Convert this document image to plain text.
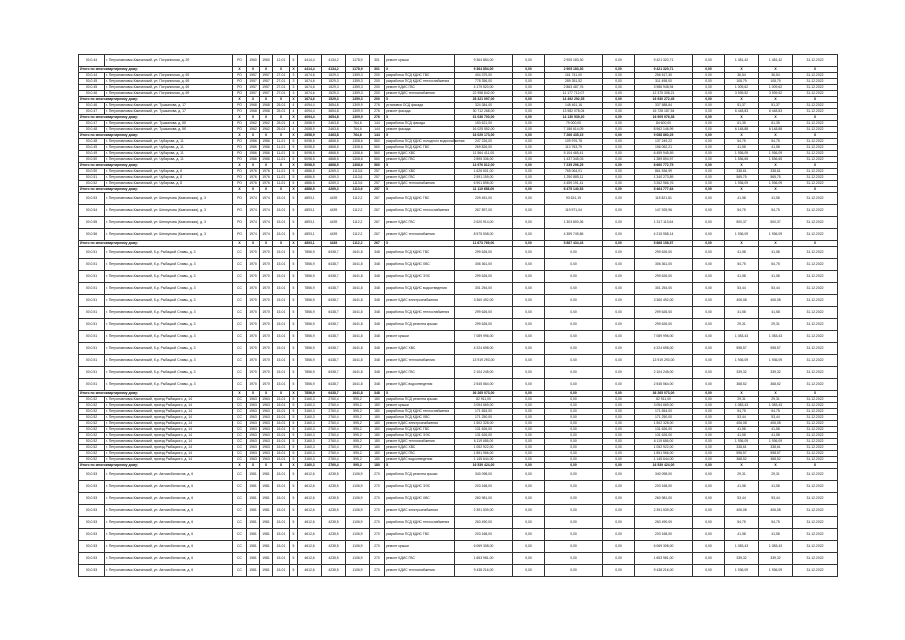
00.0.44	г. Петропавловск-Камчатский, ул. Пограничная, д. 2б	РО	1960	1960	12-01	5	4414,4	4134,2	1178,9	301	ремонт крыши	9 364 854,00	0,00	2 905 183,30	0,00	9 421 320,71	0,00	1 481,42	1 481,42	31.12.2022
Итого по многоквартирному дому:		X	X	X	X	X	4414,4	4134,2	1178,9	301	X	9 364 854,00	0,00	2 905 183,30	0,00	9 421 320,71	0,00	X	X	X
00.0.44	г. Петропавловск-Камчатский, ул. Пограничная, д. 69	РО	1957	1957	27-01	3	1674,6	1529,3	1359,3	200	разработка ПСД КДИС ГВС	404 379,00	0,00	161 741,00	0,00	256 517,30	0,00	36,54	36,54	31.12.2022
00.0.45	г. Петропавловск-Камчатский, ул. Пограничная, д. 69	РО	1957	1957	27-01	3	1674,6	1529,3	1359,3	200	разработка ПСД КДИС теплоснабжения	778 356,00	0,00	289 351,52	0,00	311 498,00	0,00	108,79	108,79	31.12.2022
00.0.45	г. Петропавловск-Камчатский, ул. Пограничная, д. 69	РО	1957	1957	27-01	3	1674,6	1529,3	1359,3	200	ремонт КДИС ГВС	4 179 520,00	0,00	2 863 487,76	0,00	3 986 948,94	0,00	1 009,62	1 009,62	31.12.2022
00.0.46	г. Петропавловск-Камчатский, ул. Пограничная, д. 69	РО	1957	1957	27-01	3	1674,6	1529,3	1359,3	200	ремонт КДИС теплоснабжения	22 958 842,00	0,00	11 177 712,07	0,00	12 375 308,21	0,00	3 939,52	3 939,52	31.12.2022
Итого по многоквартирному дому:		X	X	X	X	X	1674,6	1529,3	1359,3	200	X	28 321 097,00	0,00	14 492 292,35	0,00	16 930 272,45	0,00	X	X	X
00.0.46	г. Петропавловск-Камчатский, ул. Тушканова, д. 17	РО	1968	1968	25-01	4	4094,4	3654,8	1309,9	276	установка ОСД фасада	324 384,00	0,00	148 461,16	0,00	337 588,84	0,00	51,37	51,37	31.12.2022
00.0.47	г. Петропавловск-Камчатский, ул. Тушканова, д. 17	РО	1968	1968	25-01	4	4094,4	3654,8	1309,9	276	ремонт фасада	30 712 268,00	0,00	13 982 078,04	0,00	16 728 187,54	0,00	6 448,83	6 448,83	31.12.2022
Итого по многоквартирному дому:		X	X	X	X	X	4094,4	3654,8	1309,9	276	X	31 036 700,00	0,00	14 130 539,20	0,00	16 905 976,38	0,00	X	X	X
00.0.47	г. Петропавловск-Камчатский, ул. Тушканова, д. 5б	РО	1962	1962	25-01	4	2658,9	2463,8	764,6	144	разработка ПСД фасада	153 621,00	0,00	79 000,00	0,00	84 600,00	0,00	61,35	61,35	31.12.2022
00.0.48	г. Петропавловск-Камчатский, ул. Тушканова, д. 5б	РО	1962	1962	25-01	4	2658,9	2463,8	764,6	144	ремонт фасада	16 025 552,00	0,00	7 186 614,09	0,00	8 962 146,99	0,00	6 148,88	6 148,88	31.12.2022
Итого по многоквартирному дому:		X	X	X	X	X	2658,9	2463,8	764,6	144	X	16 029 173,00	0,00	7 266 435,15	0,00	9 088 860,29	0,00	X	X	X
00.0.48	г. Петропавловск-Камчатский, ул. Чубарова, д. 11	РО	1986	1986	11-01	5	5098,5	4868,5	1308,6	560	разработка ПСД КДИС холодного водоснабжения	247 226,00	0,00	109 976,78	0,00	137 249,22	0,00	54,75	54,75	31.12.2022
00.0.49	г. Петропавловск-Камчатский, ул. Чубарова, д. 11	РО	1986	1986	11-01	5	5098,5	4868,5	1308,6	560	разработка ПСД КДИС ГВС	269 826,00	0,00	113 763,79	0,00	156 062,21	0,00	41,58	41,58	31.12.2022
00.0.49	г. Петропавловск-Камчатский, ул. Чубарова, д. 11	РО	1986	1986	11-01	5	5098,5	4868,5	1308,6	560	ремонт КДИС ХВС	11 564 411,00	0,00	5 104 465,41	0,00	6 459 945,59	0,00	1 936,09	1 936,09	31.12.2022
00.0.50	г. Петропавловск-Камчатский, ул. Чубарова, д. 11	РО	1986	1986	11-01	5	5098,5	4868,5	1308,6	560	ремонт КДИС ГВС	2 895 336,00	0,00	1 437 345,03	0,00	1 389 894,97	0,00	1 536,65	1 536,65	31.12.2022
Итого по многоквартирному дому:		X	X	X	X	X	5098,5	4868,5	1308,6	560	X	14 976 812,00	0,00	7 235 296,25	0,00	8 660 772,75	0,00	X	X	X
00.0.50	г. Петропавловск-Камчатский, ул. Чубарова, д. 8	РО	1976	1976	11-01	5	4886,5	4269,3	1113,6	257	ремонт КДИС ХВС	1 626 601,00	0,00	765 064,01	0,00	861 536,99	0,00	338,61	338,61	31.12.2022
00.0.51	г. Петропавловск-Камчатский, ул. Чубарова, д. 8	РО	1976	1976	11-01	5	4886,5	4269,3	1113,6	257	ремонт КДИС ГВС	2 591 159,00	0,00	1 250 885,11	0,00	1 340 273,89	0,00	565,75	565,75	31.12.2022
00.0.52	г. Петропавловск-Камчатский, ул. Чубарова, д. 8	РО	1976	1976	11-01	5	4886,5	4269,3	1113,6	257	ремонт КДИС теплоснабжения	6 901 898,00	0,00	4 459 191,41	0,00	3 262 966,76	0,00	1 936,09	1 936,09	31.12.2022
Итого по многоквартирному дому:		X	X	X	X	X	4886,5	4269,3	1113,6	257	X	11 119 658,00	0,00	6 475 140,53	0,00	5 464 777,64	0,00	X	X	X
00.0.53	г. Петропавловск-Камчатский, ул. Шелкунова (Камчатская), д. 3	РО	1974	1974	15-01	5	4893,1	4439	1112,2	267	разработка ПСД КДИС ГВС	209 451,00	0,00	93 631,19	0,00	115 821,81	0,00	41,58	41,58	31.12.2022
00.0.54	г. Петропавловск-Камчатский, ул. Шелкунова (Камчатская), д. 3	РО	1974	1974	15-01	5	4893,1	4439	1112,2	267	разработка ПСД КДИС теплоснабжения	267 897,00	0,00	119 971,04	0,00	147 925,96	0,00	54,75	54,75	31.12.2022
00.0.55	г. Петропавловск-Камчатский, ул. Шелкунова (Камчатская), д. 3	РО	1974	1974	15-01	5	4893,1	4439	1112,2	267	ремонт КДИС ГВС	2 620 914,00	0,00	1 303 800,36	0,00	1 317 113,64	0,00	500,37	500,37	31.12.2022
00.0.56	г. Петропавловск-Камчатский, ул. Шелкунова (Камчатская), д. 3	РО	1974	1974	15-01	5	4893,1	4439	1112,2	267	ремонт КДИС теплоснабжения	8 575 508,00	0,00	4 359 749,86	0,00	4 215 958,14	0,00	1 936,09	1 936,09	31.12.2022
Итого по многоквартирному дому:		X	X	X	X	X	4893,1	4439	1112,2	267	X	11 673 769,00	0,00	5 887 434,43	0,00	5 868 158,57	0,00	X	X	X
00.0.51	г. Петропавловск-Камчатский, б-р. Рыбацкой Славы, д. 3	СС	1970	1970	15-01	5	7856,9	6438,7	1641,8	348	разработка ПСД КДИС ГВС	299 626,00	0,00	0,00	0,00	299 626,00	0,00	41,58	41,58	31.12.2022
00.0.51	г. Петропавловск-Камчатский, б-р. Рыбацкой Славы, д. 3	СС	1970	1970	15-01	5	7856,9	6438,7	1641,8	348	разработка ПСД КДИС ХВС	306 361,00	0,00	0,00	0,00	306 361,00	0,00	54,75	54,75	31.12.2022
00.0.51	г. Петропавловск-Камчатский, б-р. Рыбацкой Славы, д. 3	СС	1970	1970	15-01	5	7856,9	6438,7	1641,8	348	разработка ПСД КДИС ЭЭС	299 626,00	0,00	0,00	0,00	299 626,00	0,00	41,58	41,58	31.12.2022
00.0.51	г. Петропавловск-Камчатский, б-р. Рыбацкой Славы, д. 3	СС	1970	1970	15-01	5	7856,9	6438,7	1641,8	348	разработка ПСД КДИС водоотведения	301 254,00	0,00	0,00	0,00	301 254,00	0,00	53,44	53,44	31.12.2022
00.0.51	г. Петропавловск-Камчатский, б-р. Рыбацкой Славы, д. 3	СС	1970	1970	15-01	5	7856,9	6438,7	1641,8	348	ремонт КДИС электроснабжения	3 360 492,00	0,00	0,00	0,00	3 360 492,00	0,00	406,08	406,08	31.12.2022
00.0.51	г. Петропавловск-Камчатский, б-р. Рыбацкой Славы, д. 3	СС	1970	1970	15-01	5	7856,9	6438,7	1641,8	348	разработка ПСД КДИС теплоснабжения	299 626,00	0,00	0,00	0,00	299 626,00	0,00	41,58	41,58	31.12.2022
00.0.51	г. Петропавловск-Камчатский, б-р. Рыбацкой Славы, д. 3	СС	1970	1970	15-01	5	7856,9	6438,7	1641,8	348	разработка ПСД ремонта крыши	299 626,00	0,00	0,00	0,00	299 626,00	0,00	29,31	29,31	31.12.2022
00.0.51	г. Петропавловск-Камчатский, б-р. Рыбацкой Славы, д. 3	СС	1970	1970	15-01	5	7856,9	6438,7	1641,8	348	ремонт крыши	7 089 996,00	0,00	0,00	0,00	7 089 996,00	0,00	1 083,43	1 083,43	31.12.2022
00.0.51	г. Петропавловск-Камчатский, б-р. Рыбацкой Славы, д. 3	СС	1970	1970	15-01	5	7856,9	6438,7	1641,8	348	ремонт КДИС ХВС	4 224 698,00	0,00	0,00	0,00	4 224 698,00	0,00	598,57	598,57	31.12.2022
00.0.51	г. Петропавловск-Камчатский, б-р. Рыбацкой Славы, д. 3	СС	1970	1970	15-01	5	7856,9	6438,7	1641,8	348	ремонт КДИС теплоснабжения	13 919 293,00	0,00	0,00	0,00	13 919 293,00	0,00	1 936,09	1 936,09	31.12.2022
00.0.51	г. Петропавловск-Камчатский, б-р. Рыбацкой Славы, д. 3	СС	1970	1970	15-01	5	7856,9	6438,7	1641,8	348	ремонт КДИС ГВС	2 104 245,00	0,00	0,00	0,00	2 104 245,00	0,00	339,32	339,32	31.12.2022
00.0.51	г. Петропавловск-Камчатский, б-р. Рыбацкой Славы, д. 3	СС	1970	1970	15-01	5	7856,9	6438,7	1641,8	348	ремонт КДИС водоотведения	2 545 564,00	0,00	0,00	0,00	2 545 564,00	0,00	368,52	368,52	31.12.2022
Итого по многоквартирному дому:		X	X	X	X	X	7856,9	6438,7	1641,8	348	X	36 265 073,00	0,00	0,00	0,00	36 265 073,00	0,00	X	X	X
00.0.52	г. Петропавловск-Камчатский, проезд Рыбацкого, д. 14	СС	1963	1963	15-01	5	3160,3	2760,4	595,2	180	разработка ПСД ремонта крыши	82 911,00	0,00	0,00	0,00	82 911,00	0,00	29,31	29,31	31.12.2022
00.0.52	г. Петропавловск-Камчатский, проезд Рыбацкого, д. 14	СС	1963	1963	15-01	5	3160,3	2760,4	595,2	180	ремонт крыши	3 054 669,00	0,00	0,00	0,00	3 054 669,00	0,00	1 083,43	1 083,43	31.12.2022
00.0.52	г. Петропавловск-Камчатский, проезд Рыбацкого, д. 14	СС	1963	1963	15-01	5	3160,3	2760,4	595,2	180	разработка ПСД КДИС теплоснабжения	171 654,00	0,00	0,00	0,00	171 654,00	0,00	54,75	54,75	31.12.2022
00.0.52	г. Петропавловск-Камчатский, проезд Рыбацкого, д. 14	СС	1963	1963	15-01	5	3160,3	2760,4	595,2	180	разработка ПСД КДИС ХВС	171 250,00	0,00	0,00	0,00	171 250,00	0,00	53,44	53,44	31.12.2022
00.0.52	г. Петропавловск-Камчатский, проезд Рыбацкого, д. 14	СС	1963	1963	15-01	5	3160,3	2760,4	595,2	180	ремонт КДИС электроснабжения	1 502 328,00	0,00	0,00	0,00	1 502 328,00	0,00	406,08	406,08	31.12.2022
00.0.52	г. Петропавловск-Камчатский, проезд Рыбацкого, д. 14	СС	1963	1963	15-01	5	3160,3	2760,4	595,2	180	разработка ПСД КДИС ГВС	131 626,00	0,00	0,00	0,00	131 626,00	0,00	41,58	41,58	31.12.2022
00.0.52	г. Петропавловск-Камчатский, проезд Рыбацкого, д. 14	СС	1963	1963	15-01	5	3160,3	2760,4	595,2	180	разработка ПСД КДИС ЭЭС	131 626,00	0,00	0,00	0,00	131 626,00	0,00	41,58	41,58	31.12.2022
00.0.52	г. Петропавловск-Камчатский, проезд Рыбацкого, д. 14	СС	1963	1963	15-01	5	3160,3	2760,4	595,2	180	ремонт КДИС теплоснабжения	6 119 656,00	0,00	0,00	0,00	6 119 656,00	0,00	1 936,09	1 936,09	31.12.2022
00.0.52	г. Петропавловск-Камчатский, проезд Рыбацкого, д. 14	СС	1963	1963	15-01	5	3160,3	2760,4	595,2	180	ремонт КДИС ХВС	1 052 922,00	0,00	0,00	0,00	1 052 922,00	0,00	338,61	338,61	31.12.2022
00.0.52	г. Петропавловск-Камчатский, проезд Рыбацкого, д. 14	СС	1963	1963	15-01	5	3160,3	2760,4	595,2	180	ремонт КДИС ГВС	1 851 966,00	0,00	0,00	0,00	1 851 966,00	0,00	598,57	598,57	31.12.2022
00.0.52	г. Петропавловск-Камчатский, проезд Рыбацкого, д. 14	СС	1963	1963	15-01	5	3160,3	2760,4	595,2	180	ремонт КДИС водоотведения	1 145 644,00	0,00	0,00	0,00	1 145 644,00	0,00	368,52	368,52	31.12.2022
Итого по многоквартирному дому:		X	X	X	X	X	3160,3	2760,4	595,2	180	X	16 539 424,00	0,00	0,00	0,00	16 539 424,00	0,00	X	X	X
00.0.53	г. Петропавловск-Камчатский, ул. Автомобилистов, д. 6	СС	1981	1981	15-01	5	4612,6	4235,5	1106,9	270	разработка ПСД ремонта крыши	340 098,00	0,00	0,00	0,00	340 098,00	0,00	29,31	29,31	31.12.2022
00.0.53	г. Петропавловск-Камчатский, ул. Автомобилистов, д. 6	СС	1981	1981	15-01	5	4612,6	4235,5	1106,9	270	разработка ПСД КДИС ЭЭС	203 168,00	0,00	0,00	0,00	203 168,00	0,00	41,58	41,58	31.12.2022
00.0.53	г. Петропавловск-Камчатский, ул. Автомобилистов, д. 6	СС	1981	1981	15-01	5	4612,6	4235,5	1106,9	270	разработка ПСД КДИС ХВС	260 981,00	0,00	0,00	0,00	260 981,00	0,00	53,44	53,44	31.12.2022
00.0.53	г. Петропавловск-Камчатский, ул. Автомобилистов, д. 6	СС	1981	1981	15-01	5	4612,6	4235,5	1106,9	270	ремонт КДИС электроснабжения	2 391 539,00	0,00	0,00	0,00	2 391 539,00	0,00	406,08	406,08	31.12.2022
00.0.53	г. Петропавловск-Камчатский, ул. Автомобилистов, д. 6	СС	1981	1981	15-01	5	4612,6	4235,5	1106,9	270	разработка ПСД КДИС теплоснабжения	263 490,00	0,00	0,00	0,00	263 490,00	0,00	54,75	54,75	31.12.2022
00.0.53	г. Петропавловск-Камчатский, ул. Автомобилистов, д. 6	СС	1981	1981	15-01	5	4612,6	4235,5	1106,9	270	разработка ПСД КДИС ГВС	203 168,00	0,00	0,00	0,00	203 168,00	0,00	41,58	41,58	31.12.2022
00.0.53	г. Петропавловск-Камчатский, ул. Автомобилистов, д. 6	СС	1981	1981	15-01	5	4612,6	4235,5	1106,9	270	ремонт крыши	6 069 308,00	0,00	0,00	0,00	6 069 308,00	0,00	1 083,43	1 083,43	31.12.2022
00.0.53	г. Петропавловск-Камчатский, ул. Автомобилистов, д. 6	СС	1981	1981	15-01	5	4612,6	4235,5	1106,9	270	ремонт КДИС ГВС	1 653 981,00	0,00	0,00	0,00	1 653 981,00	0,00	339,32	339,32	31.12.2022
00.0.53	г. Петропавловск-Камчатский, ул. Автомобилистов, д. 6	СС	1981	1981	15-01	5	4612,6	4235,5	1106,9	270	ремонт КДИС теплоснабжения	9 438 216,00	0,00	0,00	0,00	9 438 216,00	0,00	1 936,09	1 936,09	31.12.2022
